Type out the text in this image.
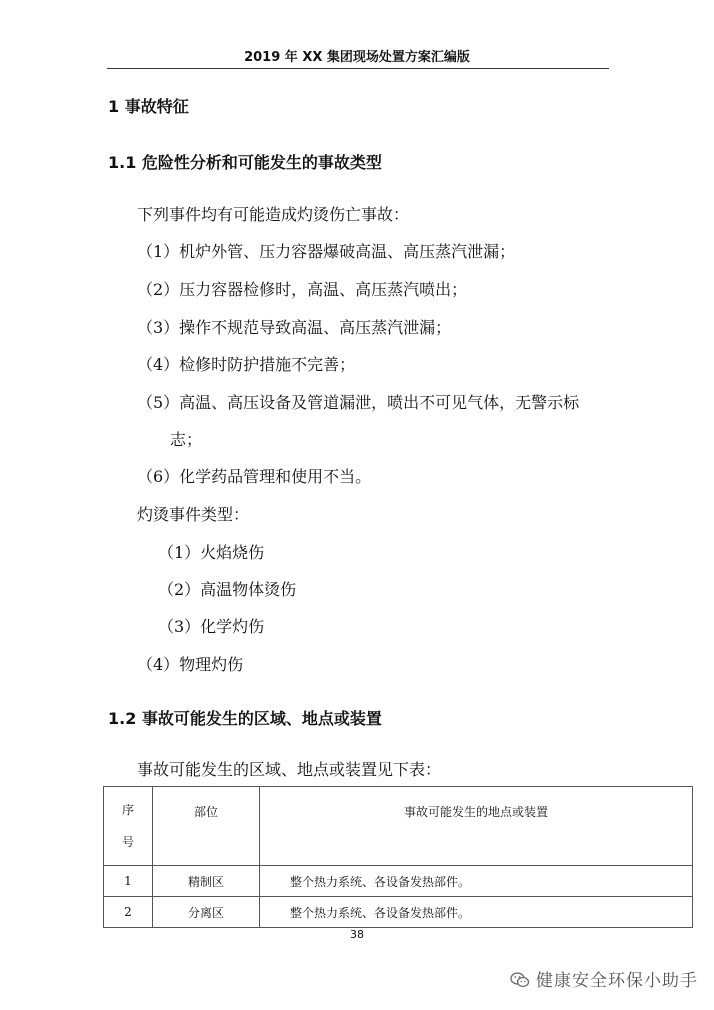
2019 年 XX 集团现场处置方案汇编版
1 事故特征
1.1 危险性分析和可能发生的事故类型
下列事件均有可能造成灼烫伤亡事故：
（1）机炉外管、压力容器爆破高温、高压蒸汽泄漏；
（2）压力容器检修时，高温、高压蒸汽喷出；
（3）操作不规范导致高温、高压蒸汽泄漏；
（4）检修时防护措施不完善；
（5）高温、高压设备及管道漏泄，喷出不可见气体，无警示标
志；
（6）化学药品管理和使用不当。
灼烫事件类型：
（1）火焰烧伤
（2）高温物体烫伤
（3）化学灼伤
（4）物理灼伤
1.2 事故可能发生的区域、地点或装置
事故可能发生的区域、地点或装置见下表：
序
号	部位	事故可能发生的地点或装置
1	精制区	整个热力系统、各设备发热部件。
2	分离区	整个热力系统、各设备发热部件。
38
健康安全环保小助手
